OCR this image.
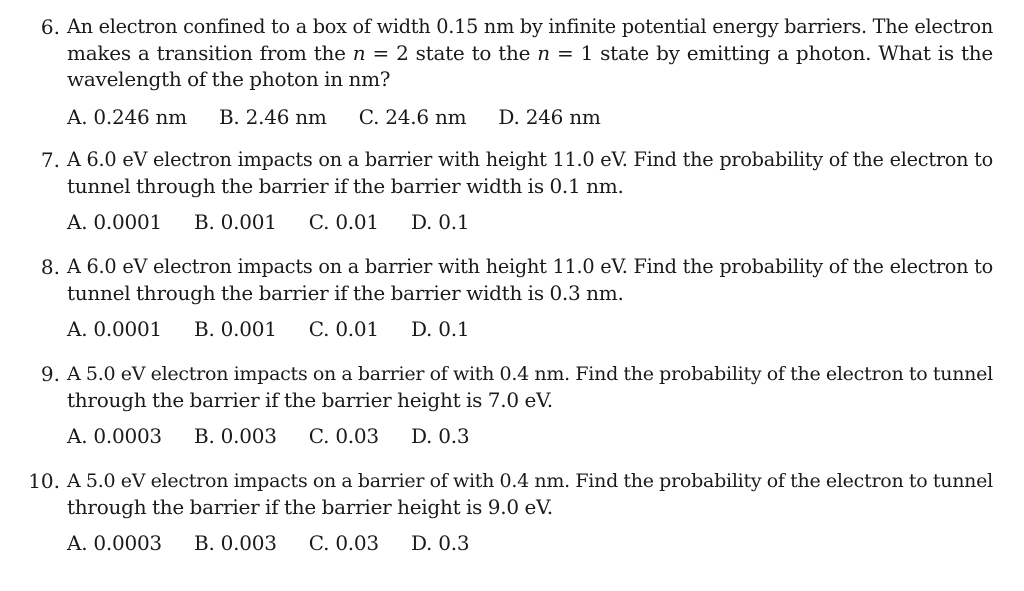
6. An electron confined to a box of width 0.15 nm by infinite potential energy barriers. The electron
makes a transition from the n = 2 state to the n = 1 state by emitting a photon. What is the
wavelength of the photon in nm?
A. 0.246 nm B. 2.46 nm C. 24.6 nm D. 246 nm
7. A 6.0 eV electron impacts on a barrier with height 11.0 eV. Find the probability of the electron to
tunnel through the barrier if the barrier width is 0.1 nm.
A. 0.0001 B. 0.001 C. 0.01 D. 0.1
8. A 6.0 eV electron impacts on a barrier with height 11.0 eV. Find the probability of the electron to
tunnel through the barrier if the barrier width is 0.3 nm.
A. 0.0001 B. 0.001 C. 0.01 D. 0.1
9. A 5.0 eV electron impacts on a barrier of with 0.4 nm. Find the probability of the electron to tunnel
through the barrier if the barrier height is 7.0 eV.
A. 0.0003 B. 0.003 C. 0.03 D. 0.3
10. A 5.0 eV electron impacts on a barrier of with 0.4 nm. Find the probability of the electron to tunnel
through the barrier if the barrier height is 9.0 eV.
A. 0.0003 B. 0.003 C. 0.03 D. 0.3
